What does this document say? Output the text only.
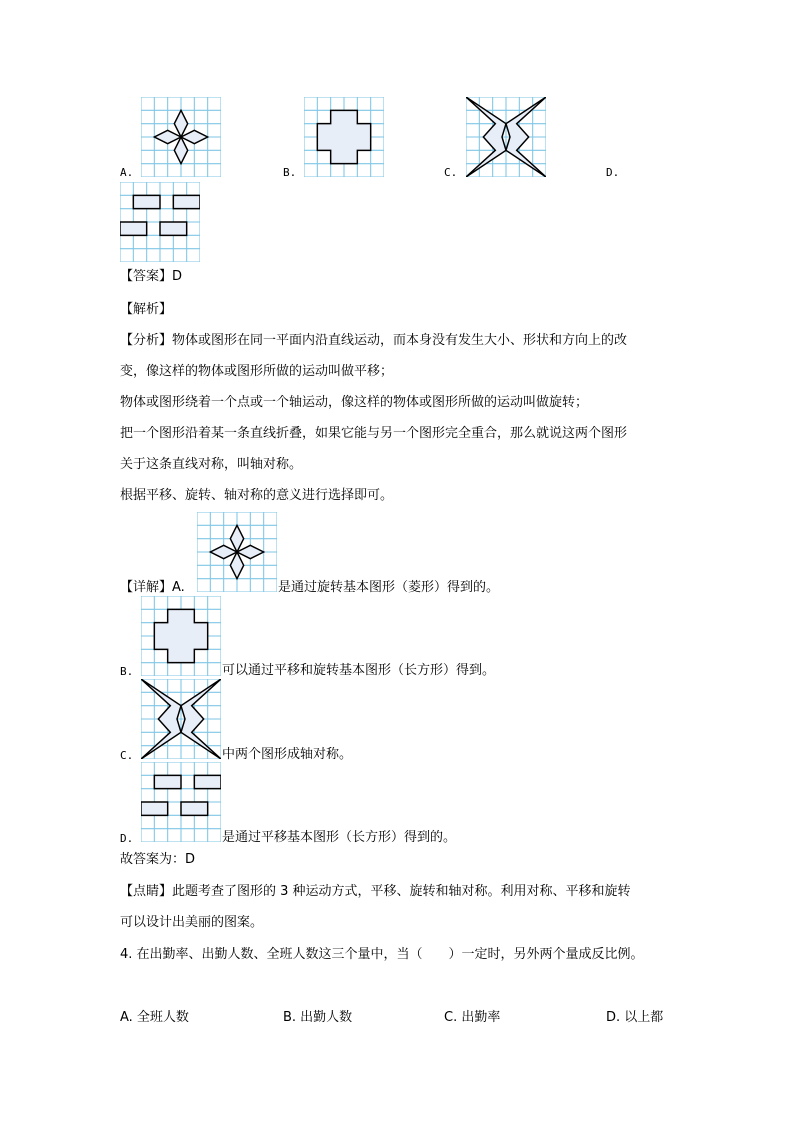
A.	B.	C.	D.
【答案】D
【解析】
【分析】物体或图形在同一平面内沿直线运动，而本身没有发生大小、形状和方向上的改
变，像这样的物体或图形所做的运动叫做平移；
物体或图形绕着一个点或一个轴运动，像这样的物体或图形所做的运动叫做旋转；
把一个图形沿着某一条直线折叠，如果它能与另一个图形完全重合，那么就说这两个图形
关于这条直线对称，叫轴对称。
根据平移、旋转、轴对称的意义进行选择即可。
【详解】A.	是通过旋转基本图形（菱形）得到的。
B.	可以通过平移和旋转基本图形（长方形）得到。
C.	中两个图形成轴对称。
D.	是通过平移基本图形（长方形）得到的。
故答案为：D
【点睛】此题考查了图形的 3 种运动方式，平移、旋转和轴对称。利用对称、平移和旋转
可以设计出美丽的图案。
4. 在出勤率、出勤人数、全班人数这三个量中，当（　　）一定时，另外两个量成反比例。
A. 全班人数	B. 出勤人数	C. 出勤率	D. 以上都
